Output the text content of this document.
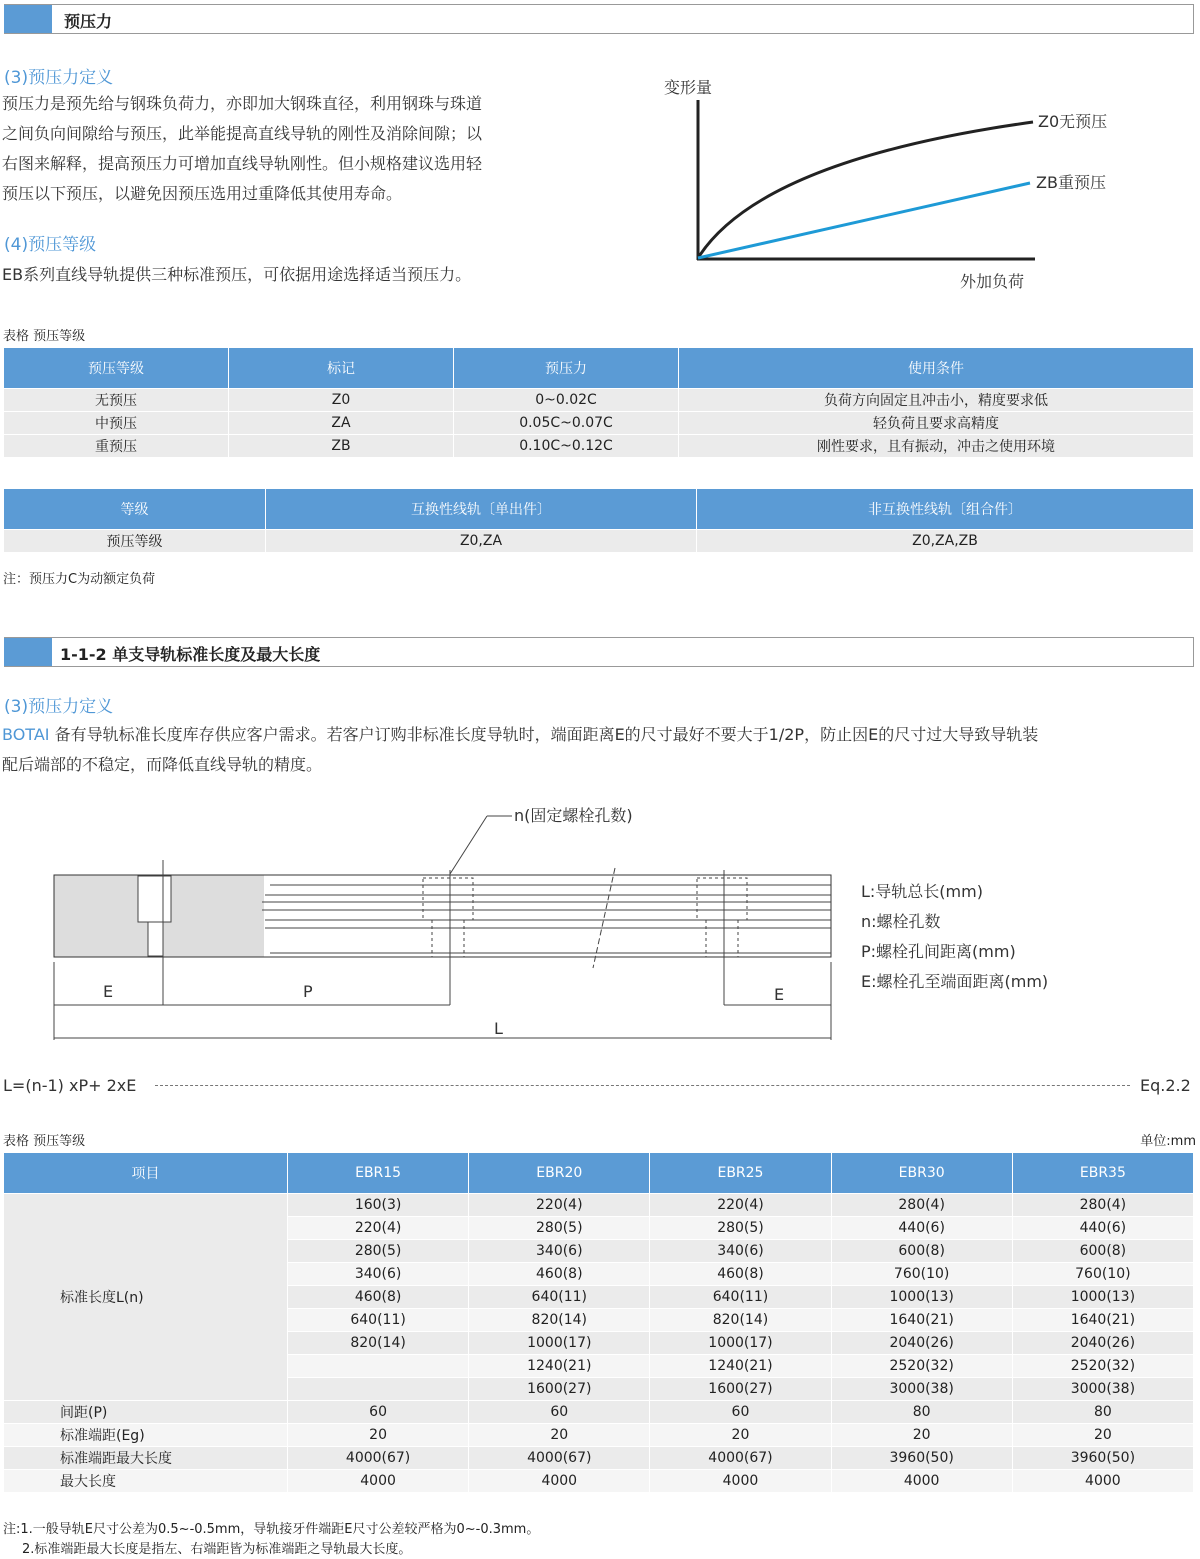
预压力
(3)预压力定义
预压力是预先给与钢珠负荷力，亦即加大钢珠直径，利用钢珠与珠道
之间负向间隙给与预压，此举能提高直线导轨的刚性及消除间隙；以
右图来解释，提高预压力可增加直线导轨刚性。但小规格建议选用轻
预压以下预压，以避免因预压选用过重降低其使用寿命。
(4)预压等级
EB系列直线导轨提供三种标准预压，可依据用途选择适当预压力。
变形量
Z0无预压
ZB重预压
外加负荷
表格 预压等级
预压等级	标记	预压力	使用条件
无预压	Z0	0~0.02C	负荷方向固定且冲击小，精度要求低
中预压	ZA	0.05C~0.07C	轻负荷且要求高精度
重预压	ZB	0.10C~0.12C	刚性要求，且有振动，冲击之使用环境
等级	互换性线轨〔单出件〕	非互换性线轨〔组合件〕
预压等级	Z0,ZA	Z0,ZA,ZB
注：预压力C为动额定负荷
1-1-2 单支导轨标准长度及最大长度
(3)预压力定义
BOTAI 备有导轨标准长度库存供应客户需求。若客户订购非标准长度导轨时，端面距离E的尺寸最好不要大于1/2P，防止因E的尺寸过大导致导轨装
配后端部的不稳定，而降低直线导轨的精度。
n(固定螺栓孔数)
E	P	E
L
L:导轨总长(mm)
n:螺栓孔数
P:螺栓孔间距离(mm)
E:螺栓孔至端面距离(mm)
L=(n-1) xP+ 2xE	Eq.2.2
表格 预压等级	单位:mm
项目	EBR15	EBR20	EBR25	EBR30	EBR35
标准长度L(n)	160(3)	220(4)	220(4)	280(4)	280(4)
	220(4)	280(5)	280(5)	440(6)	440(6)
	280(5)	340(6)	340(6)	600(8)	600(8)
	340(6)	460(8)	460(8)	760(10)	760(10)
	460(8)	640(11)	640(11)	1000(13)	1000(13)
	640(11)	820(14)	820(14)	1640(21)	1640(21)
	820(14)	1000(17)	1000(17)	2040(26)	2040(26)
		1240(21)	1240(21)	2520(32)	2520(32)
		1600(27)	1600(27)	3000(38)	3000(38)
间距(P)	60	60	60	80	80
标准端距(Eg)	20	20	20	20	20
标准端距最大长度	4000(67)	4000(67)	4000(67)	3960(50)	3960(50)
最大长度	4000	4000	4000	4000	4000
注:1.一般导轨E尺寸公差为0.5~-0.5mm，导轨接牙件端距E尺寸公差较严格为0~-0.3mm。
2.标准端距最大长度是指左、右端距皆为标准端距之导轨最大长度。
